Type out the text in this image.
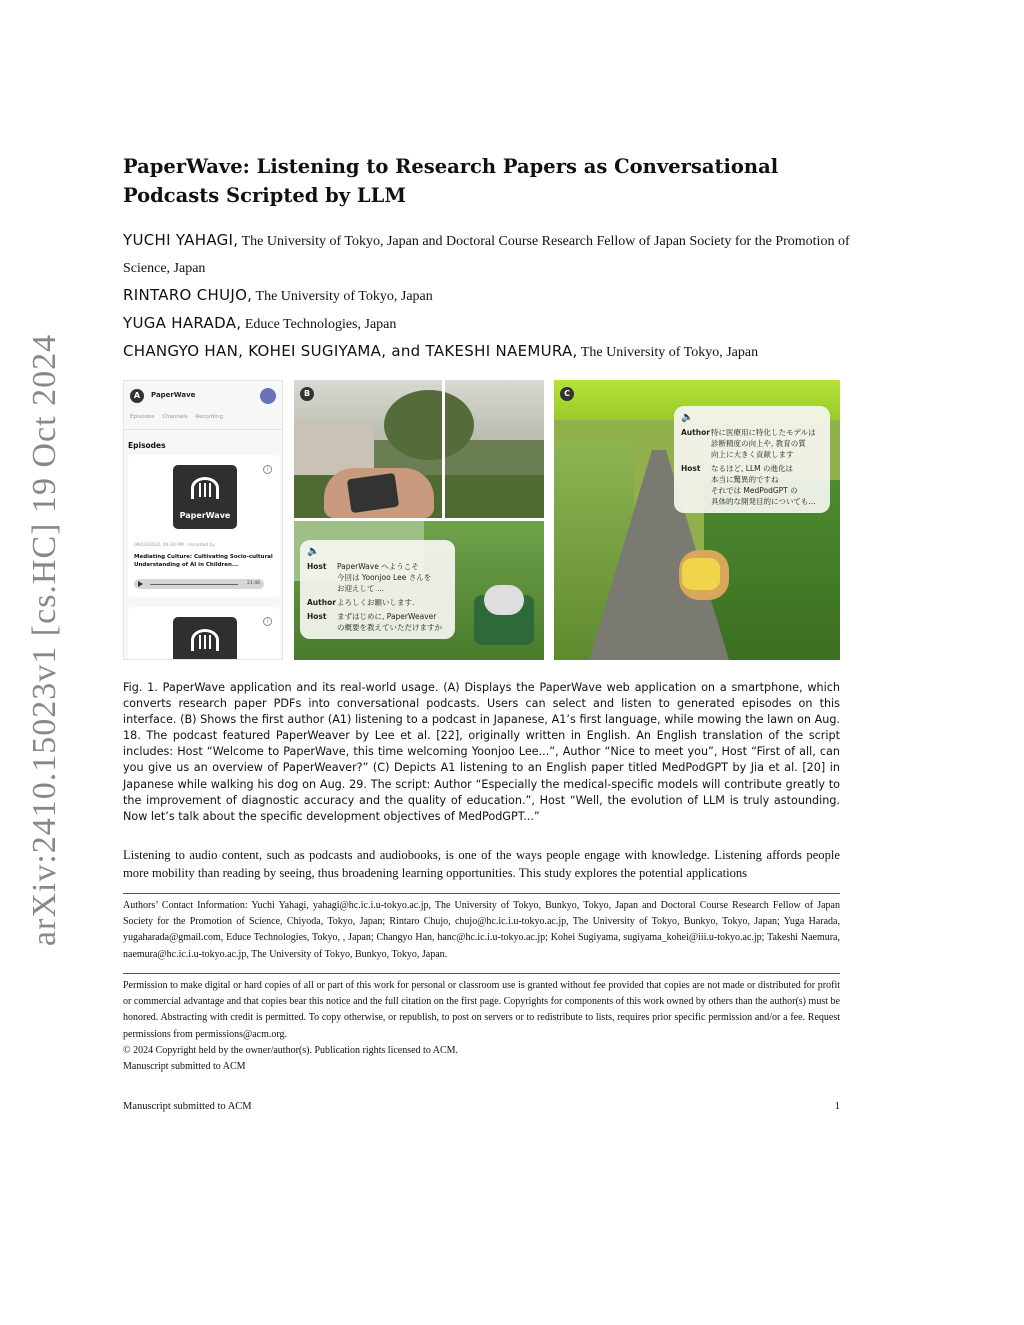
arXiv:2410.15023v1 [cs.HC] 19 Oct 2024
PaperWave: Listening to Research Papers as Conversational Podcasts Scripted by LLM
YUCHI YAHAGI, The University of Tokyo, Japan and Doctoral Course Research Fellow of Japan Society for the Promotion of Science, Japan
RINTARO CHUJO, The University of Tokyo, Japan
YUGA HARADA, Educe Technologies, Japan
CHANGYO HAN, KOHEI SUGIYAMA, and TAKESHI NAEMURA, The University of Tokyo, Japan
A	PaperWave
Episodes Channels Recording
Episodes
PaperWave
i
09/10/2024, 06:30 PM · recorded by
Mediating Culture: Cultivating Socio-cultural Understanding of AI in Children...
21:46
i
B
🔈
Host	PaperWave へようこそ
今回は Yoonjoo Lee さんを
お迎えして ...
Author よろしくお願いします.
Host	まずはじめに, PaperWeaver
の概要を教えていただけますか
C
🔈
Author 特に医療用に特化したモデルは
診断精度の向上や, 教育の質
向上に大きく貢献します
Host	なるほど, LLM の進化は
本当に驚異的ですね
それでは MedPodGPT の
具体的な開発目的についても...

Fig. 1. PaperWave application and its real-world usage. (A) Displays the PaperWave web application on a smartphone, which converts research paper PDFs into conversational podcasts. Users can select and listen to generated episodes on this interface. (B) Shows the first author (A1) listening to a podcast in Japanese, A1’s first language, while mowing the lawn on Aug. 18. The podcast featured PaperWeaver by Lee et al. [22], originally written in English. An English translation of the script includes: Host “Welcome to PaperWave, this time welcoming Yoonjoo Lee...”, Author “Nice to meet you”, Host “First of all, can you give us an overview of PaperWeaver?” (C) Depicts A1 listening to an English paper titled MedPodGPT by Jia et al. [20] in Japanese while walking his dog on Aug. 29. The script: Author “Especially the medical-specific models will contribute greatly to the improvement of diagnostic accuracy and the quality of education.”, Host “Well, the evolution of LLM is truly astounding. Now let’s talk about the specific development objectives of MedPodGPT...”

Listening to audio content, such as podcasts and audiobooks, is one of the ways people engage with knowledge. Listening affords people more mobility than reading by seeing, thus broadening learning opportunities. This study explores the potential applications

Authors’ Contact Information: Yuchi Yahagi, yahagi@hc.ic.i.u-tokyo.ac.jp, The University of Tokyo, Bunkyo, Tokyo, Japan and Doctoral Course Research Fellow of Japan Society for the Promotion of Science, Chiyoda, Tokyo, Japan; Rintaro Chujo, chujo@hc.ic.i.u-tokyo.ac.jp, The University of Tokyo, Bunkyo, Tokyo, Japan; Yuga Harada, yugaharada@gmail.com, Educe Technologies, Tokyo, , Japan; Changyo Han, hanc@hc.ic.i.u-tokyo.ac.jp; Kohei Sugiyama, sugiyama_kohei@iii.u-tokyo.ac.jp; Takeshi Naemura, naemura@hc.ic.i.u-tokyo.ac.jp, The University of Tokyo, Bunkyo, Tokyo, Japan.

Permission to make digital or hard copies of all or part of this work for personal or classroom use is granted without fee provided that copies are not made or distributed for profit or commercial advantage and that copies bear this notice and the full citation on the first page. Copyrights for components of this work owned by others than the author(s) must be honored. Abstracting with credit is permitted. To copy otherwise, or republish, to post on servers or to redistribute to lists, requires prior specific permission and/or a fee. Request permissions from permissions@acm.org.

© 2024 Copyright held by the owner/author(s). Publication rights licensed to ACM.

Manuscript submitted to ACM

Manuscript submitted to ACM	1
